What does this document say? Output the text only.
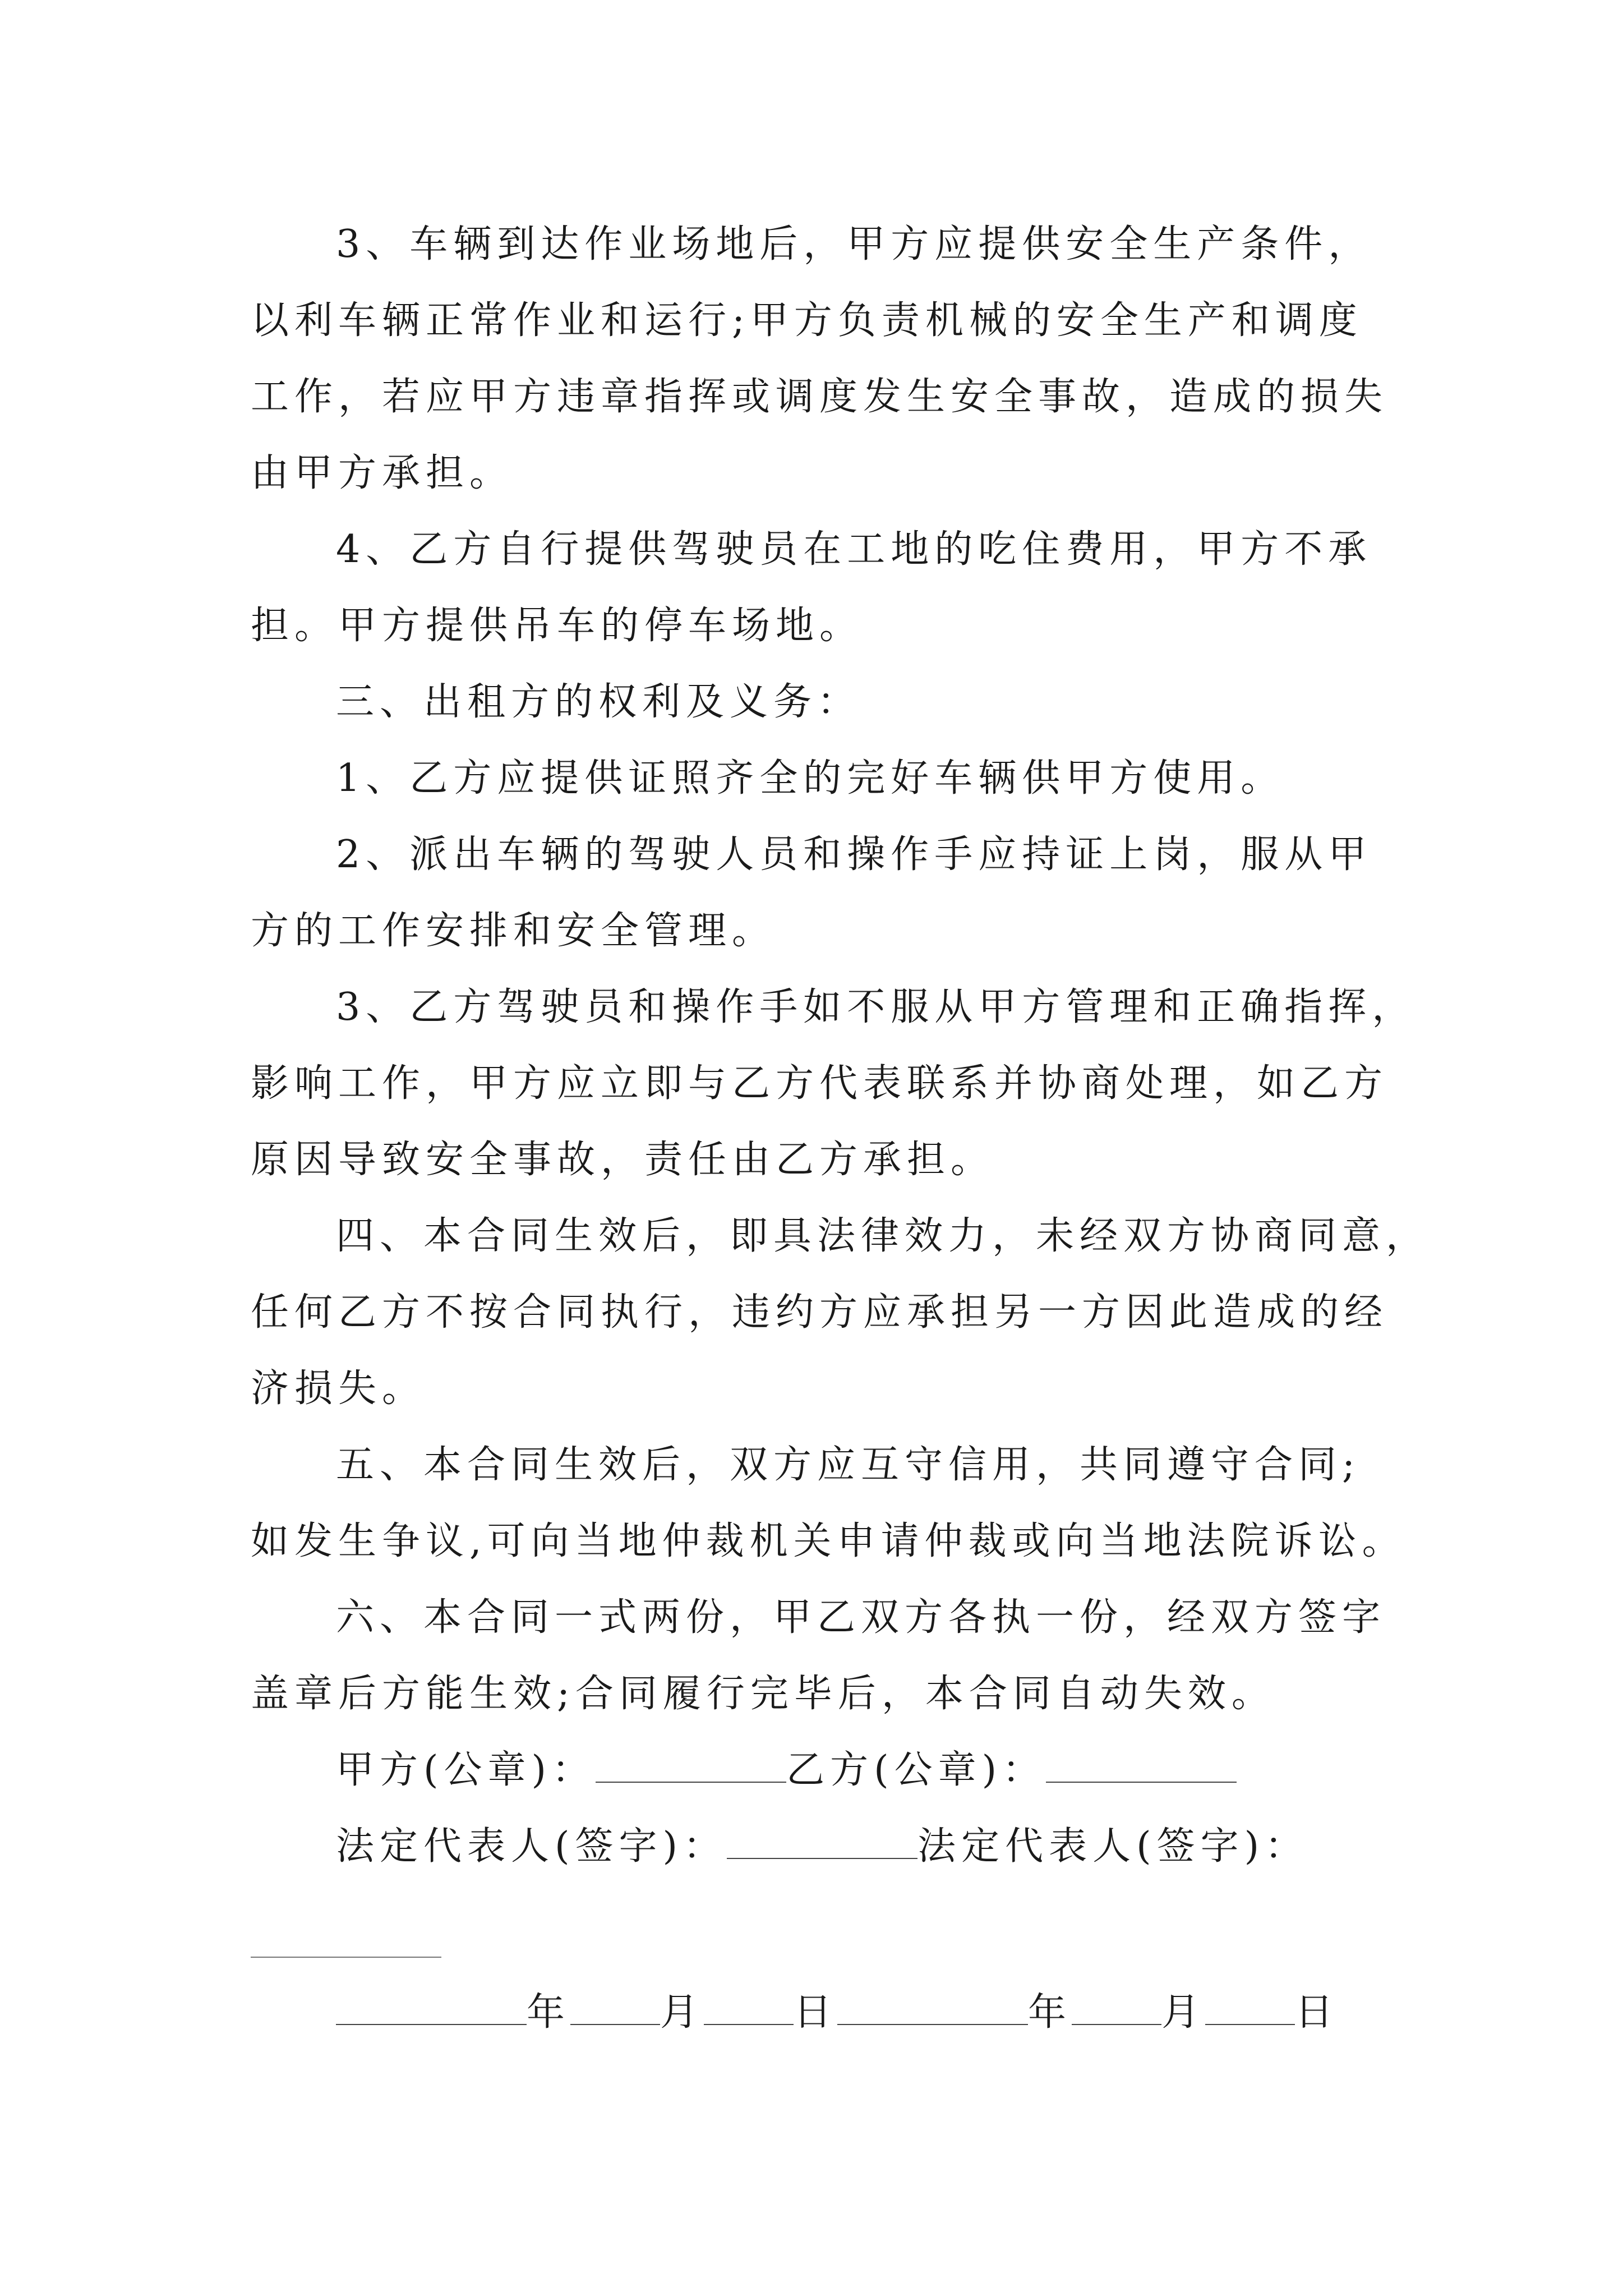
3、车辆到达作业场地后，甲方应提供安全生产条件，
以利车辆正常作业和运行;甲方负责机械的安全生产和调度
工作，若应甲方违章指挥或调度发生安全事故，造成的损失
由甲方承担。
4、乙方自行提供驾驶员在工地的吃住费用，甲方不承
担。甲方提供吊车的停车场地。
三、出租方的权利及义务：
1、乙方应提供证照齐全的完好车辆供甲方使用。
2、派出车辆的驾驶人员和操作手应持证上岗，服从甲
方的工作安排和安全管理。
3、乙方驾驶员和操作手如不服从甲方管理和正确指挥，
影响工作，甲方应立即与乙方代表联系并协商处理，如乙方
原因导致安全事故，责任由乙方承担。
四、本合同生效后，即具法律效力，未经双方协商同意，
任何乙方不按合同执行，违约方应承担另一方因此造成的经
济损失。
五、本合同生效后，双方应互守信用，共同遵守合同;
如发生争议,可向当地仲裁机关申请仲裁或向当地法院诉讼。
六、本合同一式两份，甲乙双方各执一份，经双方签字
盖章后方能生效;合同履行完毕后，本合同自动失效。
甲方(公章)：	乙方(公章)：
法定代表人(签字)：	法定代表人(签字)：
年 月 日	年 月 日
